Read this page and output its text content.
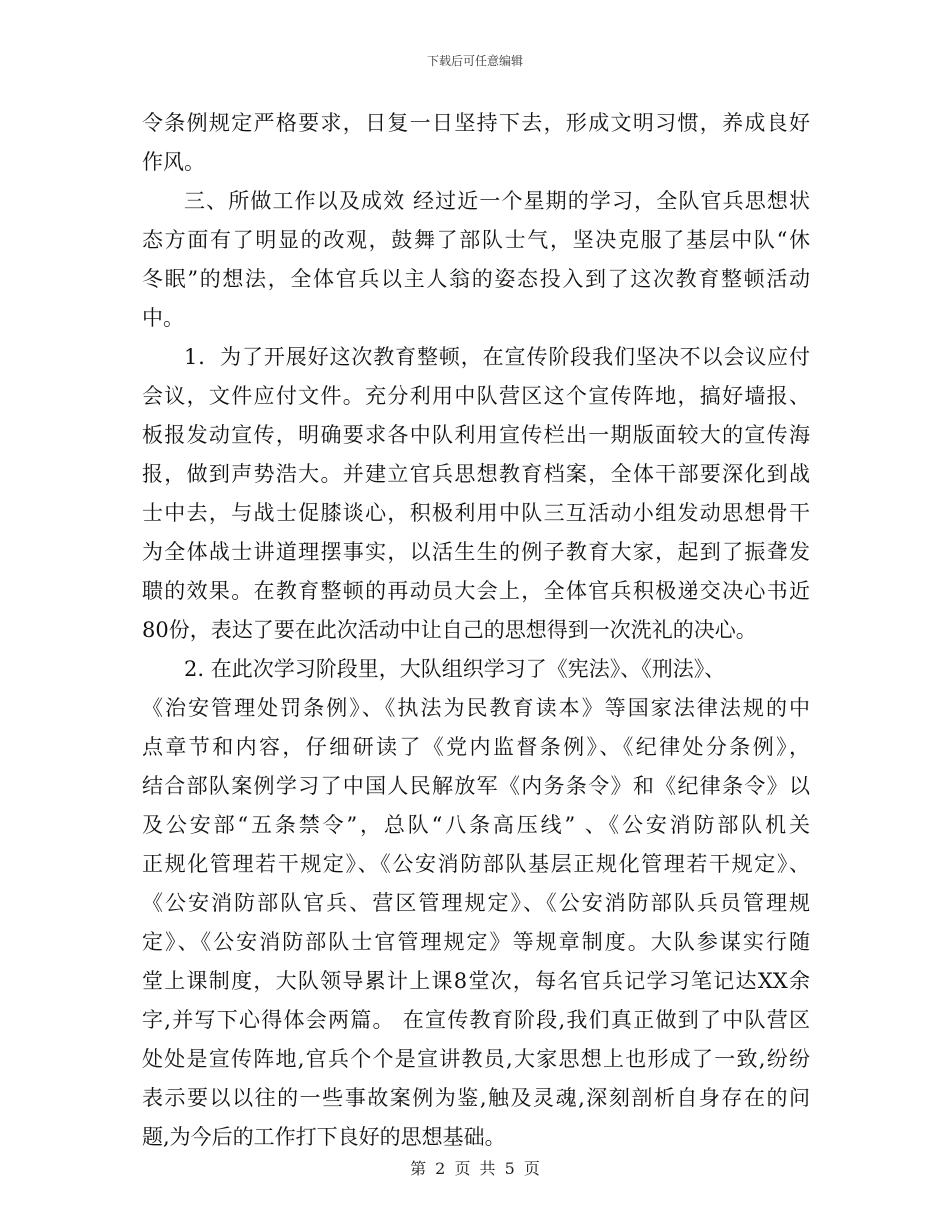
下载后可任意编辑
令条例规定严格要求，日复一日坚持下去，形成文明习惯，养成良好
作风。
三、所做工作以及成效 经过近一个星期的学习，全队官兵思想状
态方面有了明显的改观，鼓舞了部队士气，坚决克服了基层中队“休
冬眠”的想法，全体官兵以主人翁的姿态投入到了这次教育整顿活动
中。
1．为了开展好这次教育整顿，在宣传阶段我们坚决不以会议应付
会议，文件应付文件。充分利用中队营区这个宣传阵地，搞好墙报、
板报发动宣传，明确要求各中队利用宣传栏出一期版面较大的宣传海
报，做到声势浩大。并建立官兵思想教育档案，全体干部要深化到战
士中去，与战士促膝谈心，积极利用中队三互活动小组发动思想骨干
为全体战士讲道理摆事实，以活生生的例子教育大家，起到了振聋发
聩的效果。在教育整顿的再动员大会上，全体官兵积极递交决心书近
80份，表达了要在此次活动中让自己的思想得到一次洗礼的决心。
2. 在此次学习阶段里，大队组织学习了《宪法》、《刑法》、
《治安管理处罚条例》、《执法为民教育读本》等国家法律法规的中
点章节和内容，仔细研读了《党内监督条例》、《纪律处分条例》，
结合部队案例学习了中国人民解放军《内务条令》和《纪律条令》以
及公安部“五条禁令”，总队“八条高压线” 、《公安消防部队机关
正规化管理若干规定》、《公安消防部队基层正规化管理若干规定》、
《公安消防部队官兵、营区管理规定》、《公安消防部队兵员管理规
定》、《公安消防部队士官管理规定》等规章制度。大队参谋实行随
堂上课制度，大队领导累计上课8堂次，每名官兵记学习笔记达XX余
字,并写下心得体会两篇。 在宣传教育阶段,我们真正做到了中队营区
处处是宣传阵地,官兵个个是宣讲教员,大家思想上也形成了一致,纷纷
表示要以以往的一些事故案例为鉴,触及灵魂,深刻剖析自身存在的问
题,为今后的工作打下良好的思想基础。
第 2 页 共 5 页
